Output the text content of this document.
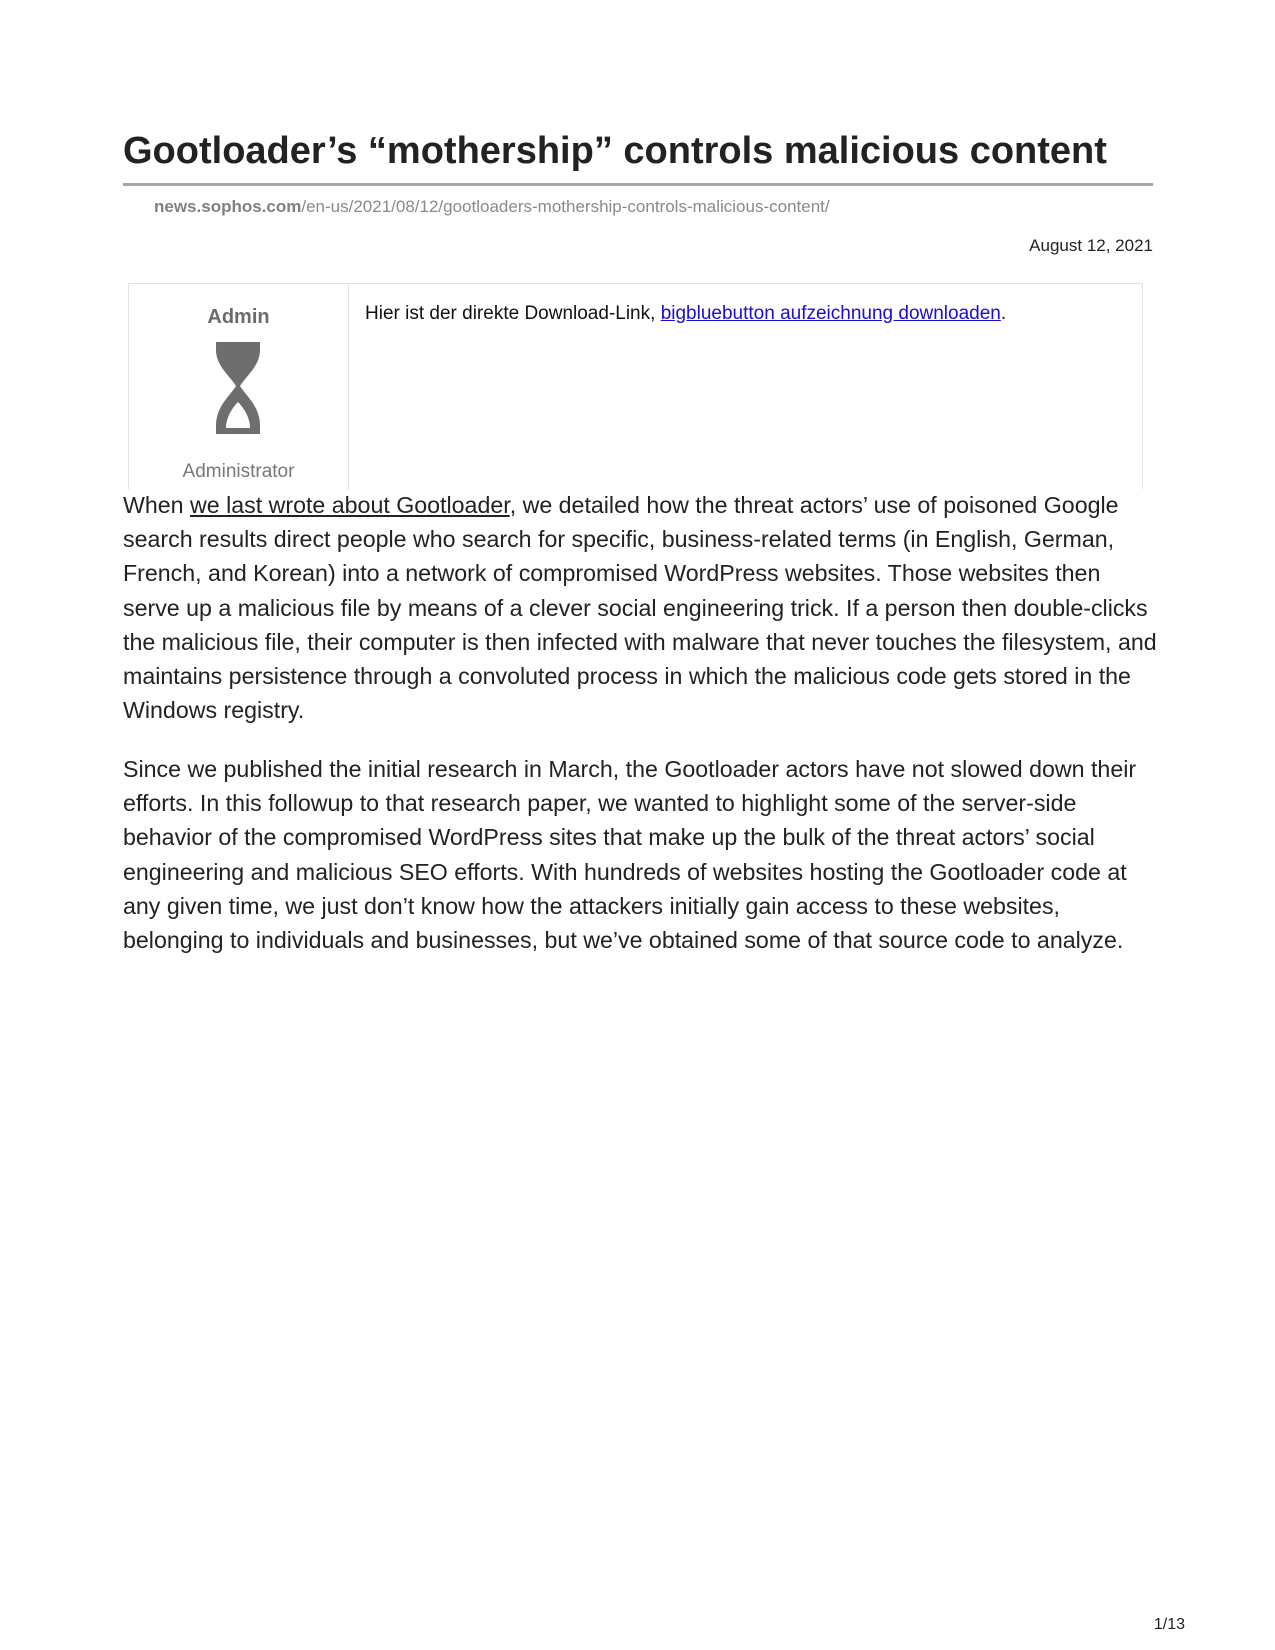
Gootloader’s “mothership” controls malicious content
news.sophos.com/en-us/2021/08/12/gootloaders-mothership-controls-malicious-content/
August 12, 2021
Admin
Administrator
Hier ist der direkte Download-Link, bigbluebutton aufzeichnung downloaden.

When we last wrote about Gootloader, we detailed how the threat actors’ use of poisoned Google search results direct people who search for specific, business-related terms (in English, German, French, and Korean) into a network of compromised WordPress websites. Those websites then serve up a malicious file by means of a clever social engineering trick. If a person then double-clicks the malicious file, their computer is then infected with malware that never touches the filesystem, and maintains persistence through a convoluted process in which the malicious code gets stored in the Windows registry.

Since we published the initial research in March, the Gootloader actors have not slowed down their efforts. In this followup to that research paper, we wanted to highlight some of the server-side behavior of the compromised WordPress sites that make up the bulk of the threat actors’ social engineering and malicious SEO efforts. With hundreds of websites hosting the Gootloader code at any given time, we just don’t know how the attackers initially gain access to these websites, belonging to individuals and businesses, but we’ve obtained some of that source code to analyze.

1/13
